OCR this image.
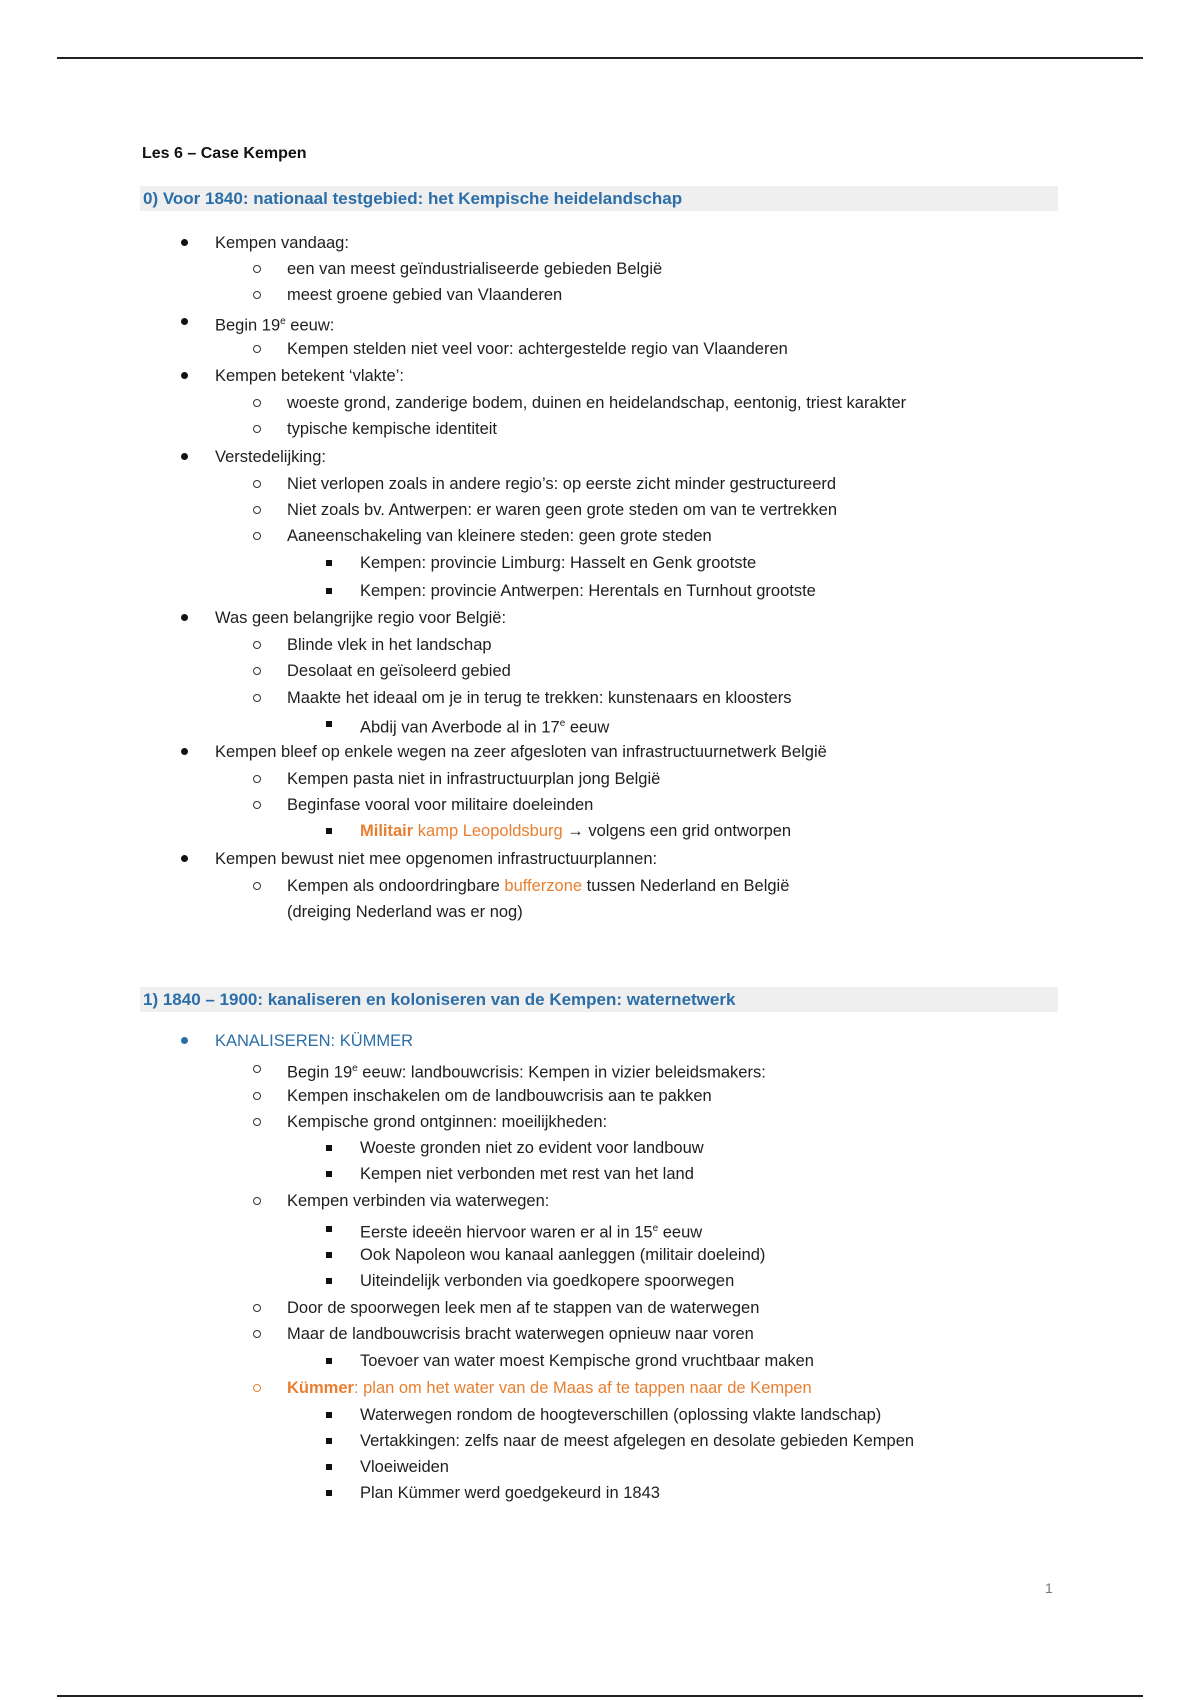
Les 6 – Case Kempen
0) Voor 1840: nationaal testgebied: het Kempische heidelandschap
Kempen vandaag:
een van meest geïndustrialiseerde gebieden België
meest groene gebied van Vlaanderen
Begin 19e eeuw:
Kempen stelden niet veel voor: achtergestelde regio van Vlaanderen
Kempen betekent ‘vlakte’:
woeste grond, zanderige bodem, duinen en heidelandschap, eentonig, triest karakter
typische kempische identiteit
Verstedelijking:
Niet verlopen zoals in andere regio’s: op eerste zicht minder gestructureerd
Niet zoals bv. Antwerpen: er waren geen grote steden om van te vertrekken
Aaneenschakeling van kleinere steden: geen grote steden
Kempen: provincie Limburg: Hasselt en Genk grootste
Kempen: provincie Antwerpen: Herentals en Turnhout grootste
Was geen belangrijke regio voor België:
Blinde vlek in het landschap
Desolaat en geïsoleerd gebied
Maakte het ideaal om je in terug te trekken: kunstenaars en kloosters
Abdij van Averbode al in 17e eeuw
Kempen bleef op enkele wegen na zeer afgesloten van infrastructuurnetwerk België
Kempen pasta niet in infrastructuurplan jong België
Beginfase vooral voor militaire doeleinden
Militair kamp Leopoldsburg → volgens een grid ontworpen
Kempen bewust niet mee opgenomen infrastructuurplannen:
Kempen als ondoordringbare bufferzone tussen Nederland en België
(dreiging Nederland was er nog)
1) 1840 – 1900: kanaliseren en koloniseren van de Kempen: waternetwerk
KANALISEREN: KÜMMER
Begin 19e eeuw: landbouwcrisis: Kempen in vizier beleidsmakers:
Kempen inschakelen om de landbouwcrisis aan te pakken
Kempische grond ontginnen: moeilijkheden:
Woeste gronden niet zo evident voor landbouw
Kempen niet verbonden met rest van het land
Kempen verbinden via waterwegen:
Eerste ideeën hiervoor waren er al in 15e eeuw
Ook Napoleon wou kanaal aanleggen (militair doeleind)
Uiteindelijk verbonden via goedkopere spoorwegen
Door de spoorwegen leek men af te stappen van de waterwegen
Maar de landbouwcrisis bracht waterwegen opnieuw naar voren
Toevoer van water moest Kempische grond vruchtbaar maken
Kümmer: plan om het water van de Maas af te tappen naar de Kempen
Waterwegen rondom de hoogteverschillen (oplossing vlakte landschap)
Vertakkingen: zelfs naar de meest afgelegen en desolate gebieden Kempen
Vloeiweiden
Plan Kümmer werd goedgekeurd in 1843
1
